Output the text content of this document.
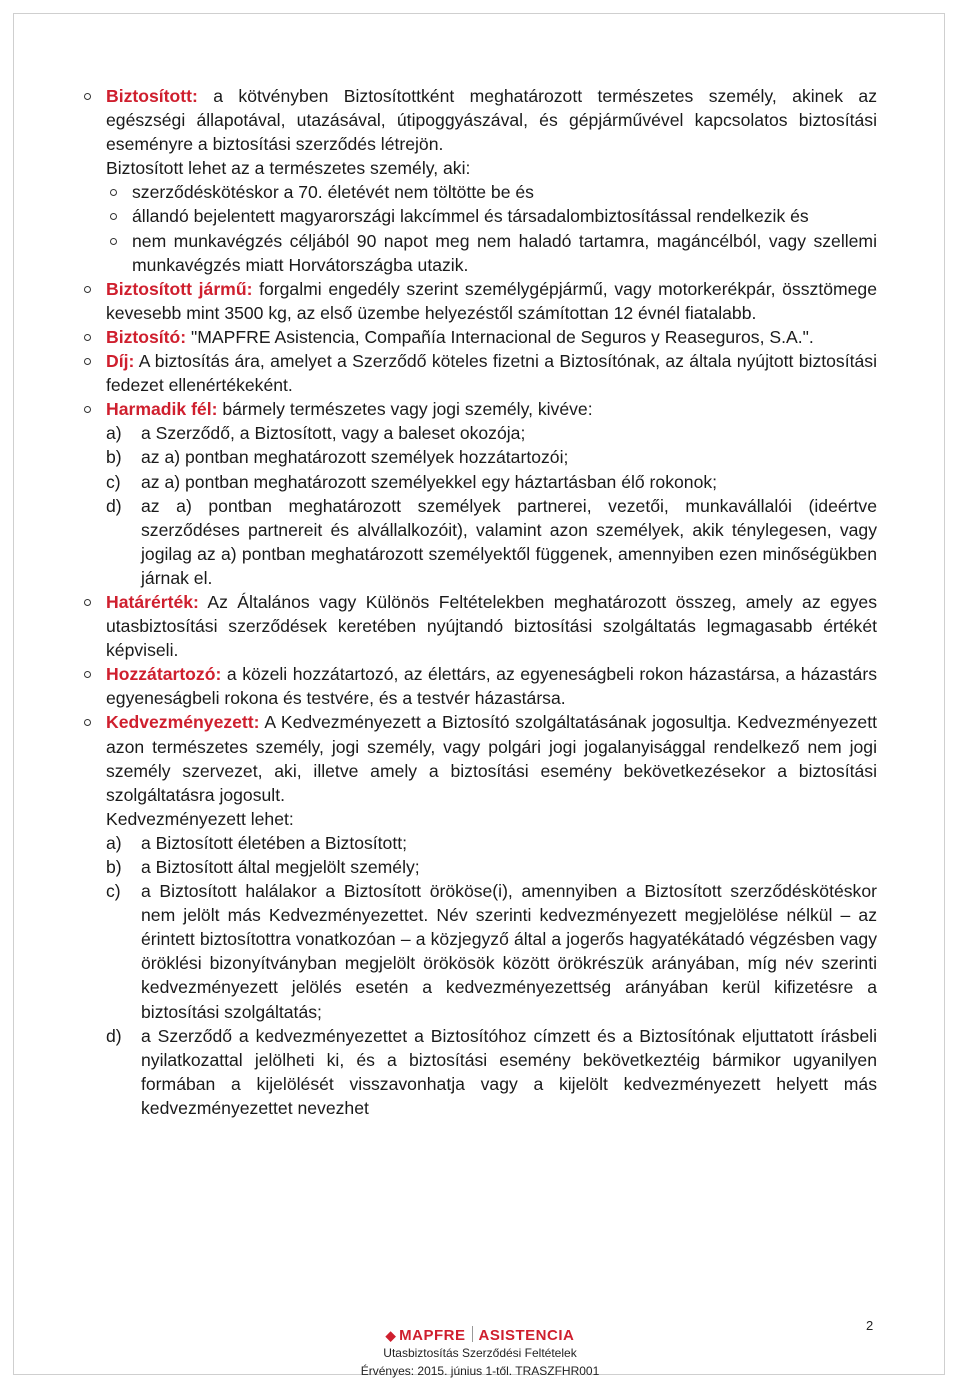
Biztosított: a kötvényben Biztosítottként meghatározott természetes személy, akinek az egészségi állapotával, utazásával, útipoggyászával, és gépjárművével kapcsolatos biztosítási eseményre a biztosítási szerződés létrejön.
Biztosított lehet az a természetes személy, aki:
szerződéskötéskor a 70. életévét nem töltötte be és
állandó bejelentett magyarországi lakcímmel és társadalombiztosítással rendelkezik és
nem munkavégzés céljából 90 napot meg nem haladó tartamra, magáncélból, vagy szellemi munkavégzés miatt Horvátországba utazik.
Biztosított jármű: forgalmi engedély szerint személygépjármű, vagy motorkerékpár, össztömege kevesebb mint 3500 kg, az első üzembe helyezéstől számítottan 12 évnél fiatalabb.
Biztosító: "MAPFRE Asistencia, Compañía Internacional de Seguros y Reaseguros, S.A.".
Díj: A biztosítás ára, amelyet a Szerződő köteles fizetni a Biztosítónak, az általa nyújtott biztosítási fedezet ellenértékeként.
Harmadik fél: bármely természetes vagy jogi személy, kivéve:
a) a Szerződő, a Biztosított, vagy a baleset okozója;
b) az a) pontban meghatározott személyek hozzátartozói;
c) az a) pontban meghatározott személyekkel egy háztartásban élő rokonok;
d) az a) pontban meghatározott személyek partnerei, vezetői, munkavállalói (ideértve szerződéses partnereit és alvállalkozóit), valamint azon személyek, akik ténylegesen, vagy jogilag az a) pontban meghatározott személyektől függenek, amennyiben ezen minőségükben járnak el.
Határérték: Az Általános vagy Különös Feltételekben meghatározott összeg, amely az egyes utasbiztosítási szerződések keretében nyújtandó biztosítási szolgáltatás legmagasabb értékét képviseli.
Hozzátartozó: a közeli hozzátartozó, az élettárs, az egyeneságbeli rokon házastársa, a házastárs egyeneságbeli rokona és testvére, és a testvér házastársa.
Kedvezményezett: A Kedvezményezett a Biztosító szolgáltatásának jogosultja. Kedvezményezett azon természetes személy, jogi személy, vagy polgári jogi jogalanyisággal rendelkező nem jogi személy szervezet, aki, illetve amely a biztosítási esemény bekövetkezésekor a biztosítási szolgáltatásra jogosult.
Kedvezményezett lehet:
a) a Biztosított életében a Biztosított;
b) a Biztosított által megjelölt személy;
c) a Biztosított halálakor a Biztosított örököse(i), amennyiben a Biztosított szerződéskötéskor nem jelölt más Kedvezményezettet. Név szerinti kedvezményezett megjelölése nélkül – az érintett biztosítottra vonatkozóan – a közjegyző által a jogerős hagyatékátadó végzésben vagy öröklési bizonyítványban megjelölt örökösök között örökrészük arányában, míg név szerinti kedvezményezett jelölés esetén a kedvezményezettség arányában kerül kifizetésre a biztosítási szolgáltatás;
d) a Szerződő a kedvezményezettet a Biztosítóhoz címzett és a Biztosítónak eljuttatott írásbeli nyilatkozattal jelölheti ki, és a biztosítási esemény bekövetkeztéig bármikor ugyanilyen formában a kijelölését visszavonhatja vagy a kijelölt kedvezményezett helyett más kedvezményezettet nevezhet
2
◆ MAPFRE ASISTENCIA
Utasbiztosítás Szerződési Feltételek
Érvényes: 2015. június 1-től. TRASZFHR001
